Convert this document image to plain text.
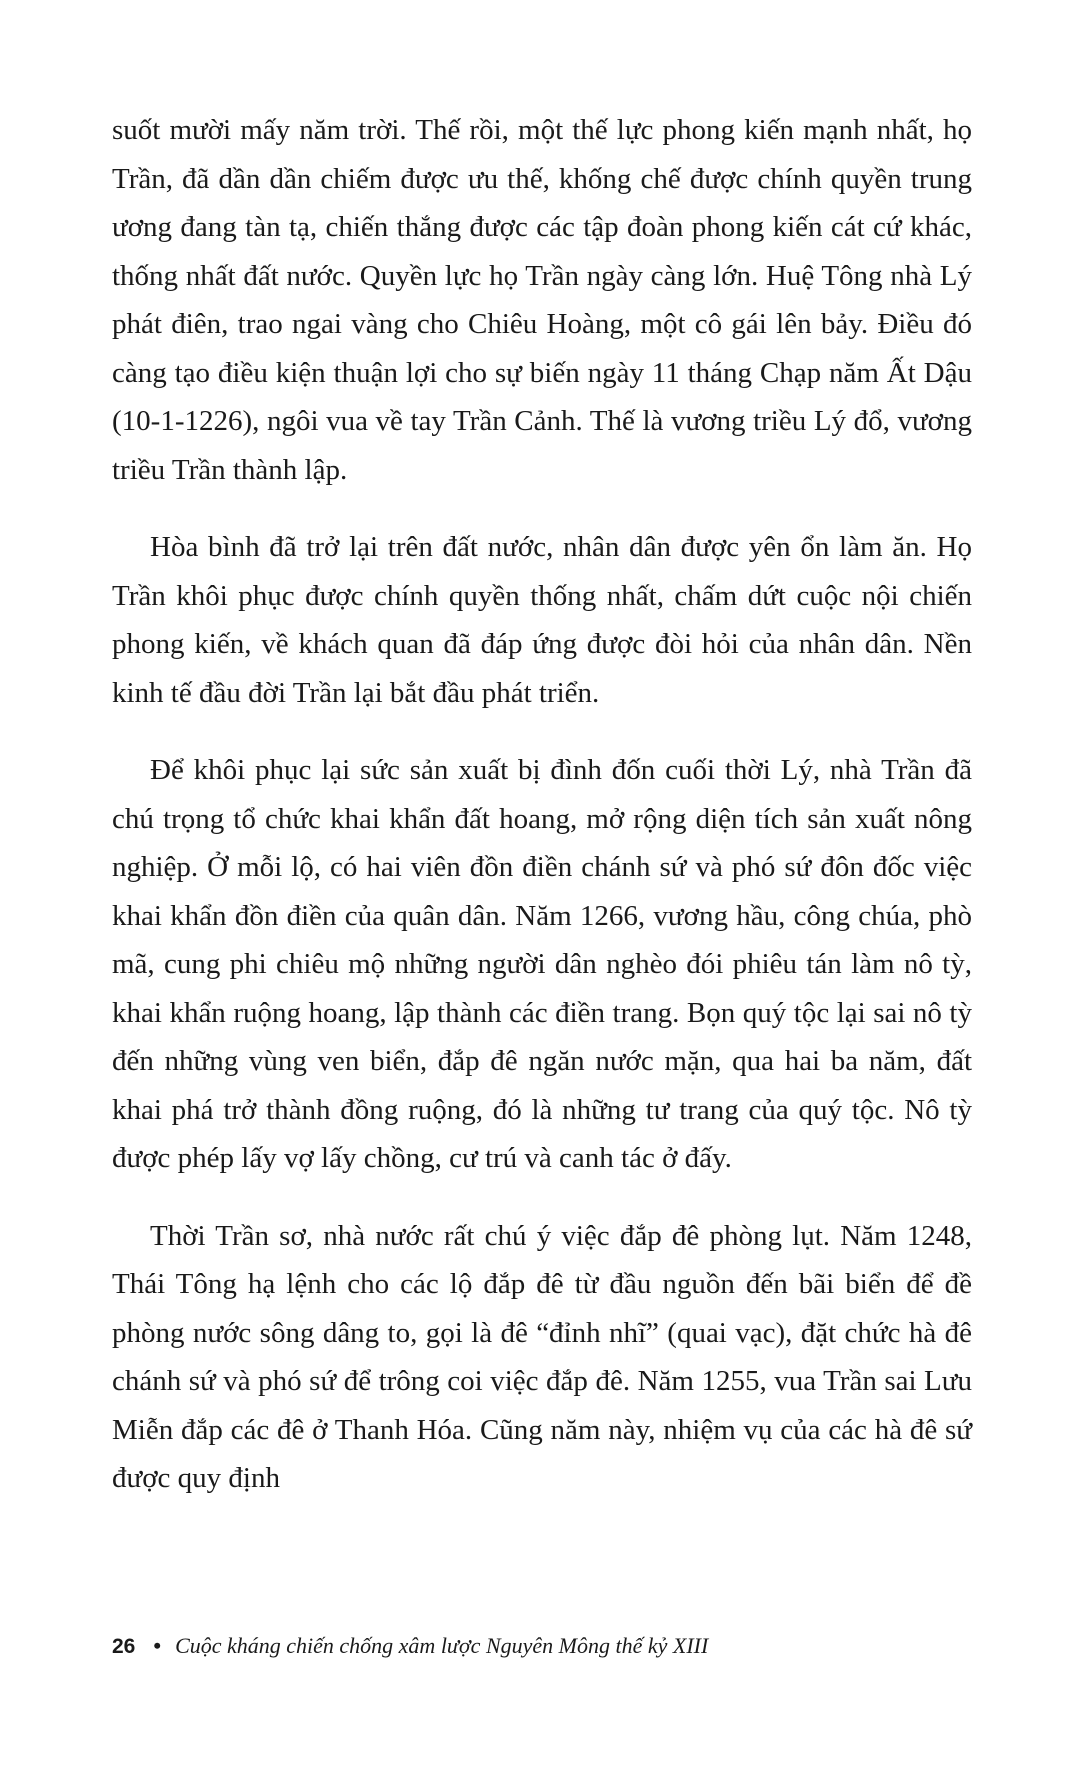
suốt mười mấy năm trời. Thế rồi, một thế lực phong kiến mạnh nhất, họ Trần, đã dần dần chiếm được ưu thế, khống chế được chính quyền trung ương đang tàn tạ, chiến thắng được các tập đoàn phong kiến cát cứ khác, thống nhất đất nước. Quyền lực họ Trần ngày càng lớn. Huệ Tông nhà Lý phát điên, trao ngai vàng cho Chiêu Hoàng, một cô gái lên bảy. Điều đó càng tạo điều kiện thuận lợi cho sự biến ngày 11 tháng Chạp năm Ất Dậu (10-1-1226), ngôi vua về tay Trần Cảnh. Thế là vương triều Lý đổ, vương triều Trần thành lập.

Hòa bình đã trở lại trên đất nước, nhân dân được yên ổn làm ăn. Họ Trần khôi phục được chính quyền thống nhất, chấm dứt cuộc nội chiến phong kiến, về khách quan đã đáp ứng được đòi hỏi của nhân dân. Nền kinh tế đầu đời Trần lại bắt đầu phát triển.

Để khôi phục lại sức sản xuất bị đình đốn cuối thời Lý, nhà Trần đã chú trọng tổ chức khai khẩn đất hoang, mở rộng diện tích sản xuất nông nghiệp. Ở mỗi lộ, có hai viên đồn điền chánh sứ và phó sứ đôn đốc việc khai khẩn đồn điền của quân dân. Năm 1266, vương hầu, công chúa, phò mã, cung phi chiêu mộ những người dân nghèo đói phiêu tán làm nô tỳ, khai khẩn ruộng hoang, lập thành các điền trang. Bọn quý tộc lại sai nô tỳ đến những vùng ven biển, đắp đê ngăn nước mặn, qua hai ba năm, đất khai phá trở thành đồng ruộng, đó là những tư trang của quý tộc. Nô tỳ được phép lấy vợ lấy chồng, cư trú và canh tác ở đấy.

Thời Trần sơ, nhà nước rất chú ý việc đắp đê phòng lụt. Năm 1248, Thái Tông hạ lệnh cho các lộ đắp đê từ đầu nguồn đến bãi biển để đề phòng nước sông dâng to, gọi là đê “đỉnh nhĩ” (quai vạc), đặt chức hà đê chánh sứ và phó sứ để trông coi việc đắp đê. Năm 1255, vua Trần sai Lưu Miễn đắp các đê ở Thanh Hóa. Cũng năm này, nhiệm vụ của các hà đê sứ được quy định

26 • Cuộc kháng chiến chống xâm lược Nguyên Mông thế kỷ XIII
